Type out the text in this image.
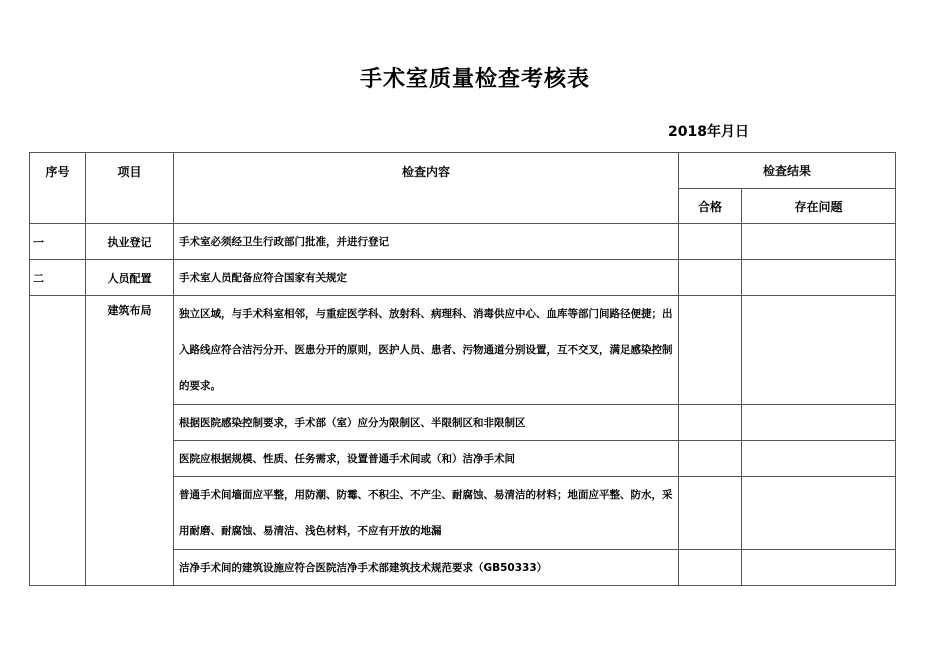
手术室质量检查考核表
2018年月日
序号	项目	检查内容	检查结果	
			合格	存在问题
一	执业登记	手术室必须经卫生行政部门批准，并进行登记		
二	人员配置	手术室人员配备应符合国家有关规定		
	建筑布局	独立区域，与手术科室相邻，与重症医学科、放射科、病理科、消毒供应中心、血库等部门间路径便捷；出入路线应符合洁污分开、医患分开的原则，医护人员、患者、污物通道分别设置，互不交叉，满足感染控制的要求。		
		根据医院感染控制要求，手术部（室）应分为限制区、半限制区和非限制区		
		医院应根据规模、性质、任务需求，设置普通手术间或（和）洁净手术间		
		普通手术间墙面应平整，用防潮、防霉、不积尘、不产尘、耐腐蚀、易清洁的材料；地面应平整、防水，采用耐磨、耐腐蚀、易清洁、浅色材料，不应有开放的地漏		
		洁净手术间的建筑设施应符合医院洁净手术部建筑技术规范要求（GB50333）		
